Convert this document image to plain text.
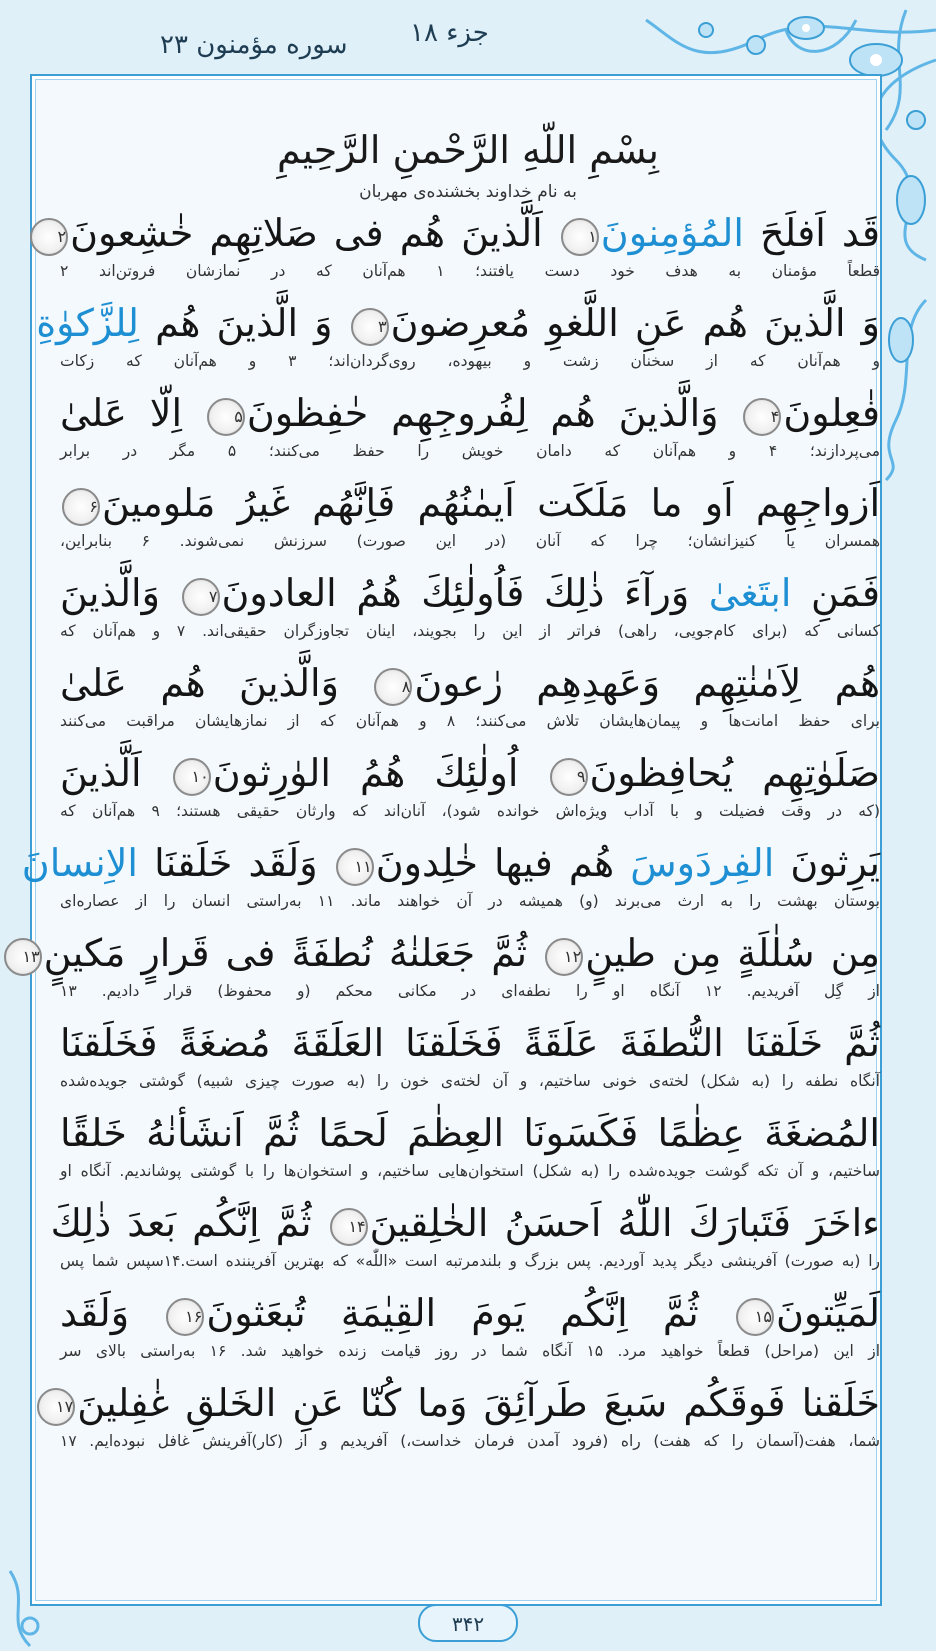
جزء ۱۸
سوره مؤمنون ۲۳
بِسْمِ اللّهِ الرَّحْمنِ الرَّحِيمِ
به نام خداوند بخشنده‌ی مهربان
قَد اَفلَحَ المُؤمِنونَ۱ اَلَّذينَ هُم فی صَلاتِهِم خٰشِعونَ۲
قطعاً مؤمنان به هدف خود دست یافتند؛ ۱ هم‌آنان که در نمازشان فروتن‌اند ۲
وَ الَّذينَ هُم عَنِ اللَّغوِ مُعرِضونَ۳ وَ الَّذينَ هُم لِلزَّكوٰةِ
و هم‌آنان که از سخنان زشت و بیهوده، روی‌گردان‌اند؛ ۳ و هم‌آنان که زکات
فٰعِلونَ۴ وَالَّذينَ هُم لِفُروجِهِم حٰفِظونَ۵ اِلّا عَلىٰ
می‌پردازند؛ ۴ و هم‌آنان که دامان خویش را حفظ می‌کنند؛ ۵ مگر در برابر
اَزواجِهِم اَو ما مَلَكَت اَيمٰنُهُم فَاِنَّهُم غَيرُ مَلومينَ۶
همسران یا کنیزانشان؛ چرا که آنان (در این صورت) سرزنش نمی‌شوند. ۶ بنابراین،
فَمَنِ ابتَغىٰ وَرآءَ ذٰلِكَ فَاُولٰئِكَ هُمُ العادونَ۷ وَالَّذينَ
کسانی که (برای کام‌جویی، راهی) فراتر از این را بجویند، اینان تجاوزگران حقیقی‌اند. ۷ و هم‌آنان که
هُم لِاَمٰنٰتِهِم وَعَهدِهِم رٰعونَ۸ وَالَّذينَ هُم عَلىٰ
برای حفظ امانت‌ها و پیمان‌هایشان تلاش می‌کنند؛ ۸ و هم‌آنان که از نمازهایشان مراقبت می‌کنند
صَلَوٰتِهِم يُحافِظونَ۹ اُولٰئِكَ هُمُ الوٰرِثونَ۱۰ اَلَّذينَ
(که در وقت فضیلت و با آداب ویژه‌اش خوانده شود)، آنان‌اند که وارثان حقیقی هستند؛ ۹ هم‌آنان که
يَرِثونَ الفِردَوسَ هُم فيها خٰلِدونَ۱۱ وَلَقَد خَلَقنَا الاِنسانَ
بوستان بهشت را به ارث می‌برند (و) همیشه در آن خواهند ماند. ۱۱ به‌راستی انسان را از عصاره‌ای
مِن سُلٰلَةٍ مِن طينٍ۱۲ ثُمَّ جَعَلنٰهُ نُطفَةً فی قَرارٍ مَكينٍ۱۳
از گِل آفریدیم. ۱۲ آنگاه او را نطفه‌ای در مکانی محکم (و محفوظ) قرار دادیم. ۱۳
ثُمَّ خَلَقنَا النُّطفَةَ عَلَقَةً فَخَلَقنَا العَلَقَةَ مُضغَةً فَخَلَقنَا
آنگاه نطفه را (به شکل) لخته‌ی خونی ساختیم، و آن لخته‌ی خون را (به صورت چیزی شبیه) گوشتی جویده‌شده
المُضغَةَ عِظٰمًا فَكَسَونَا العِظٰمَ لَحمًا ثُمَّ اَنشَأنٰهُ خَلقًا
ساختیم، و آن تکه گوشت جویده‌شده را (به شکل) استخوان‌هایی ساختیم، و استخوان‌ها را با گوشتی پوشاندیم. آنگاه او
ءاخَرَ فَتَبارَكَ اللّٰهُ اَحسَنُ الخٰلِقينَ۱۴ ثُمَّ اِنَّكُم بَعدَ ذٰلِكَ
را (به صورت) آفرینشی دیگر پدید آوردیم. پس بزرگ و بلندمرتبه است «اللّٰه» که بهترین آفریننده است.۱۴سپس شما پس
لَمَيِّتونَ۱۵ ثُمَّ اِنَّكُم يَومَ القِيٰمَةِ تُبعَثونَ۱۶ وَلَقَد
از این (مراحل) قطعاً خواهید مرد. ۱۵ آنگاه شما در روز قیامت زنده خواهید شد. ۱۶ به‌راستی بالای سر
خَلَقنا فَوقَكُم سَبعَ طَرآئِقَ وَما كُنّا عَنِ الخَلقِ غٰفِلينَ۱۷
شما، هفت(آسمان را که هفت) راه (فرود آمدن فرمان خداست،) آفریدیم و از (کار)آفرینش غافل نبوده‌ایم. ۱۷
۳۴۲
